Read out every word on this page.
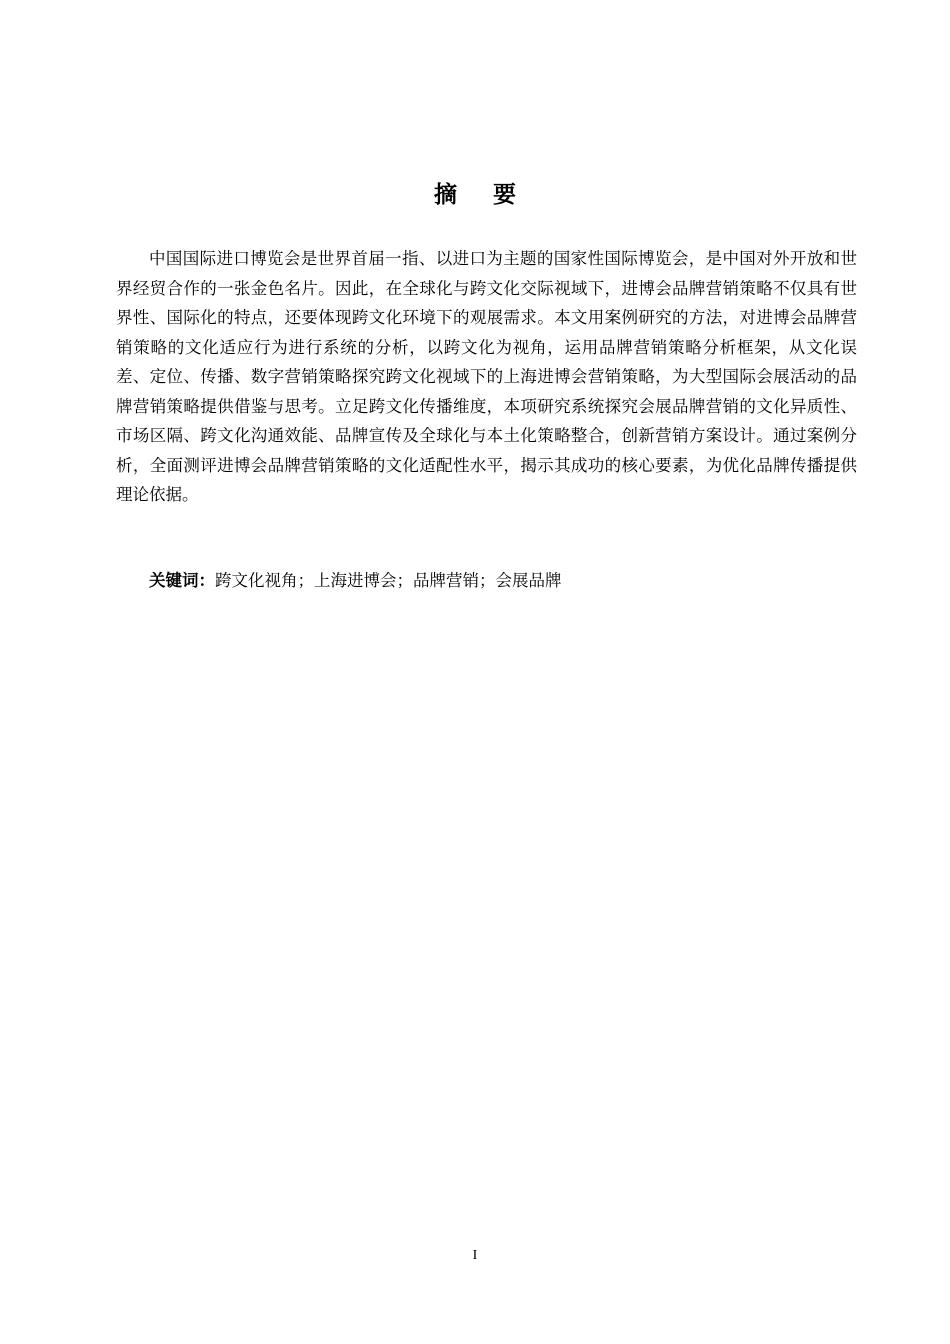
摘要

中国国际进口博览会是世界首届一指、以进口为主题的国家性国际博览会，是中国对外开放和世界经贸合作的一张金色名片。因此，在全球化与跨文化交际视域下，进博会品牌营销策略不仅具有世界性、国际化的特点，还要体现跨文化环境下的观展需求。本文用案例研究的方法，对进博会品牌营销策略的文化适应行为进行系统的分析，以跨文化为视角，运用品牌营销策略分析框架，从文化误差、定位、传播、数字营销策略探究跨文化视域下的上海进博会营销策略，为大型国际会展活动的品牌营销策略提供借鉴与思考。立足跨文化传播维度，本项研究系统探究会展品牌营销的文化异质性、市场区隔、跨文化沟通效能、品牌宣传及全球化与本土化策略整合，创新营销方案设计。通过案例分析，全面测评进博会品牌营销策略的文化适配性水平，揭示其成功的核心要素，为优化品牌传播提供理论依据。

关键词：跨文化视角；上海进博会；品牌营销；会展品牌

I
